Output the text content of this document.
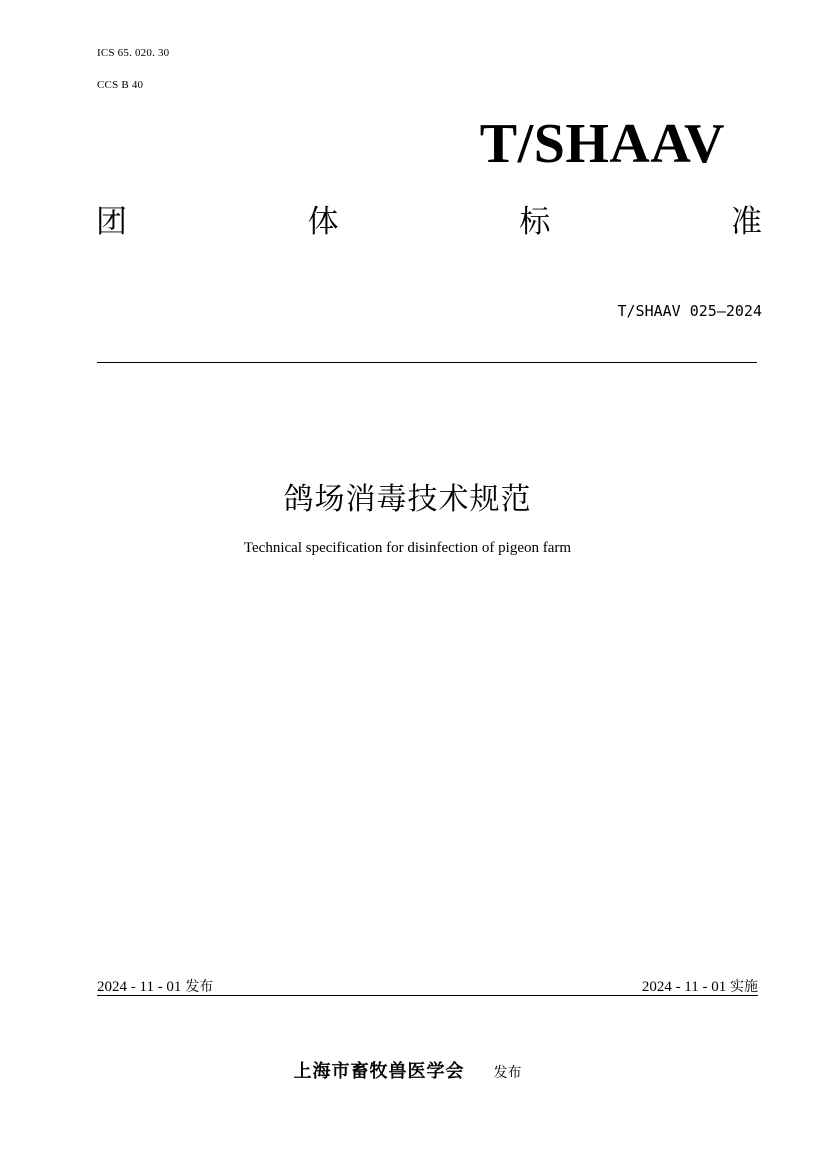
ICS 65. 020. 30
CCS B 40
T/SHAAV
团	体	标	准
T/SHAAV 025—2024
鸽场消毒技术规范
Technical specification for disinfection of pigeon farm
2024 - 11 - 01 发布	2024 - 11 - 01 实施
上海市畜牧兽医学会 发布
